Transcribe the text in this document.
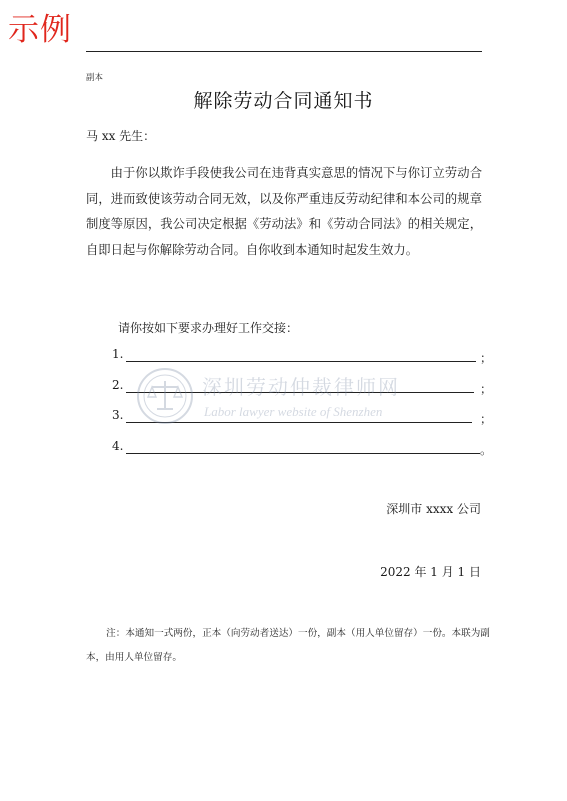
示例
副本
解除劳动合同通知书
马 xx 先生：

由于你以欺诈手段使我公司在违背真实意思的情况下与你订立劳动合同，进而致使该劳动合同无效，以及你严重违反劳动纪律和本公司的规章制度等原因，我公司决定根据《劳动法》和《劳动合同法》的相关规定，自即日起与你解除劳动合同。自你收到本通知时起发生效力。

请你按如下要求办理好工作交接：
1.	；
2.	；
3.	；
4.	。
深圳劳动仲裁律师网
Labor lawyer website of Shenzhen
深圳市 xxxx 公司
2022 年 1 月 1 日

注：本通知一式两份，正本（向劳动者送达）一份，副本（用人单位留存）一份。本联为副本，由用人单位留存。
